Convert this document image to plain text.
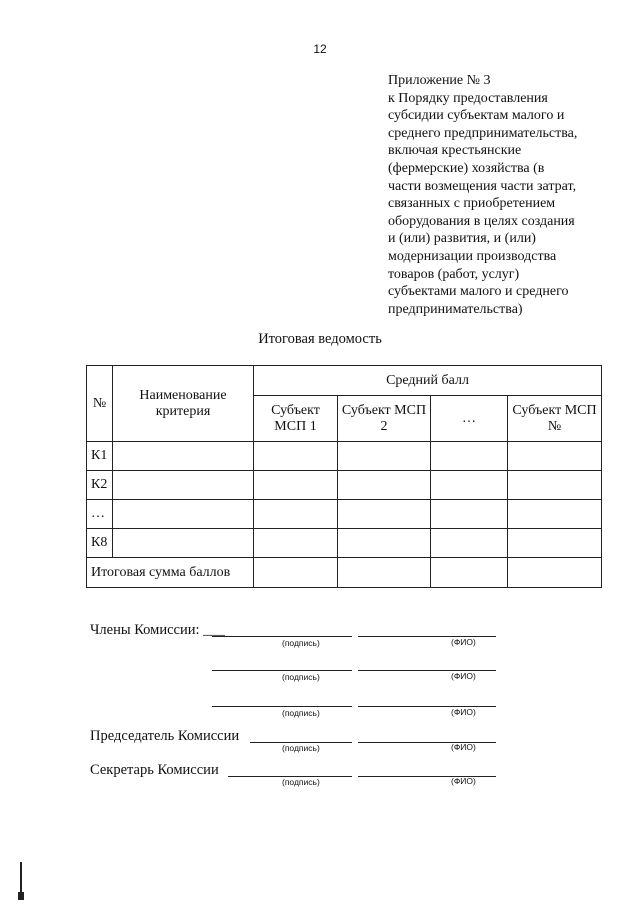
12
Приложение № 3
к Порядку предоставления
субсидии субъектам малого и
среднего предпринимательства,
включая крестьянские
(фермерские) хозяйства (в
части возмещения части затрат,
связанных с приобретением
оборудования в целях создания
и (или) развития, и (или)
модернизации производства
товаров (работ, услуг)
субъектами малого и среднего
предпринимательства)
Итоговая ведомость
№	Наименование критерия	Средний балл			
		Субъект МСП 1	Субъект МСП 2	…	Субъект МСП №
К1					
К2					
…					
К8					
Итоговая сумма баллов					
Члены Комиссии: ___
(подпись)	(ФИО)
(подпись)	(ФИО)
(подпись)	(ФИО)
Председатель Комиссии
(подпись)	(ФИО)
Секретарь Комиссии
(подпись)	(ФИО)
